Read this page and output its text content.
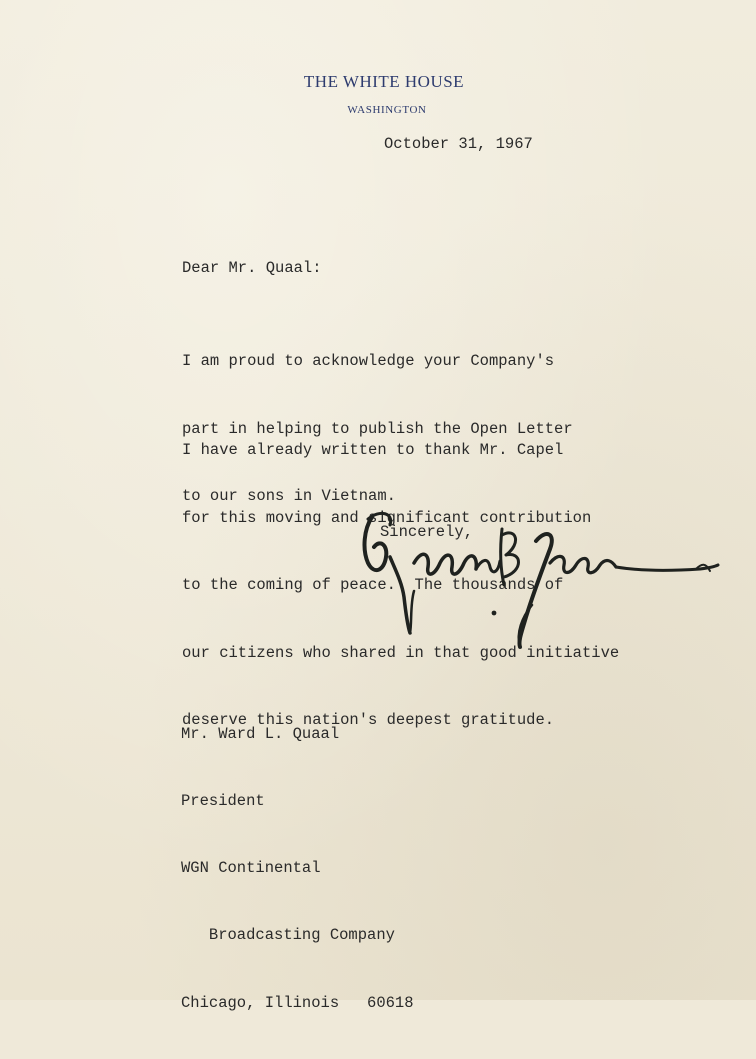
THE WHITE HOUSE
WASHINGTON
October 31, 1967
Dear Mr. Quaal:

I am proud to acknowledge your Company's

part in helping to publish the Open Letter

to our sons in Vietnam.

I have already written to thank Mr. Capel

for this moving and significant contribution

to the coming of peace.  The thousands of

our citizens who shared in that good initiative

deserve this nation's deepest gratitude.

Sincerely,

Mr. Ward L. Quaal

President

WGN Continental

Broadcasting Company

Chicago, Illinois   60618
